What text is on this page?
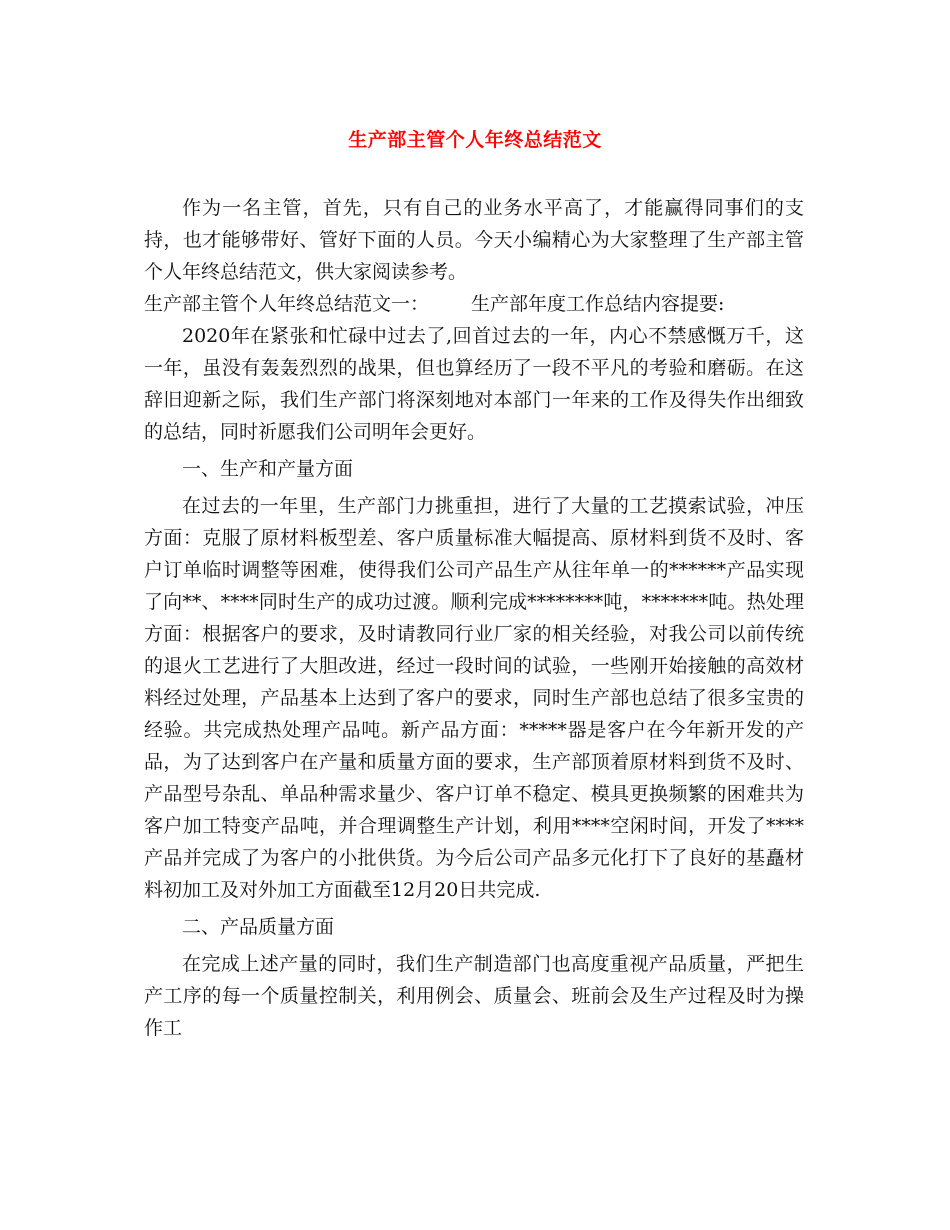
生产部主管个人年终总结范文

作为一名主管，首先，只有自己的业务水平高了，才能赢得同事们的支持，也才能够带好、管好下面的人员。今天小编精心为大家整理了生产部主管个人年终总结范文，供大家阅读参考。

生产部主管个人年终总结范文一： 生产部年度工作总结内容提要:

2020年在紧张和忙碌中过去了,回首过去的一年，内心不禁感慨万千，这一年，虽没有轰轰烈烈的战果，但也算经历了一段不平凡的考验和磨砺。在这辞旧迎新之际，我们生产部门将深刻地对本部门一年来的工作及得失作出细致的总结，同时祈愿我们公司明年会更好。

一、生产和产量方面

在过去的一年里，生产部门力挑重担，进行了大量的工艺摸索试验，冲压方面：克服了原材料板型差、客户质量标准大幅提高、原材料到货不及时、客户订单临时调整等困难，使得我们公司产品生产从往年单一的******产品实现了向**、****同时生产的成功过渡。顺利完成********吨，*******吨。热处理方面：根据客户的要求，及时请教同行业厂家的相关经验，对我公司以前传统的退火工艺进行了大胆改进，经过一段时间的试验，一些刚开始接触的高效材料经过处理，产品基本上达到了客户的要求，同时生产部也总结了很多宝贵的经验。共完成热处理产品吨。新产品方面：*****器是客户在今年新开发的产品，为了达到客户在产量和质量方面的要求，生产部顶着原材料到货不及时、产品型号杂乱、单品种需求量少、客户订单不稳定、模具更换频繁的困难共为客户加工特变产品吨，并合理调整生产计划，利用****空闲时间，开发了**** 产品并完成了为客户的小批供货。为今后公司产品多元化打下了良好的基矗材料初加工及对外加工方面截至12月20日共完成.

二、产品质量方面

在完成上述产量的同时，我们生产制造部门也高度重视产品质量，严把生产工序的每一个质量控制关，利用例会、质量会、班前会及生产过程及时为操作工
